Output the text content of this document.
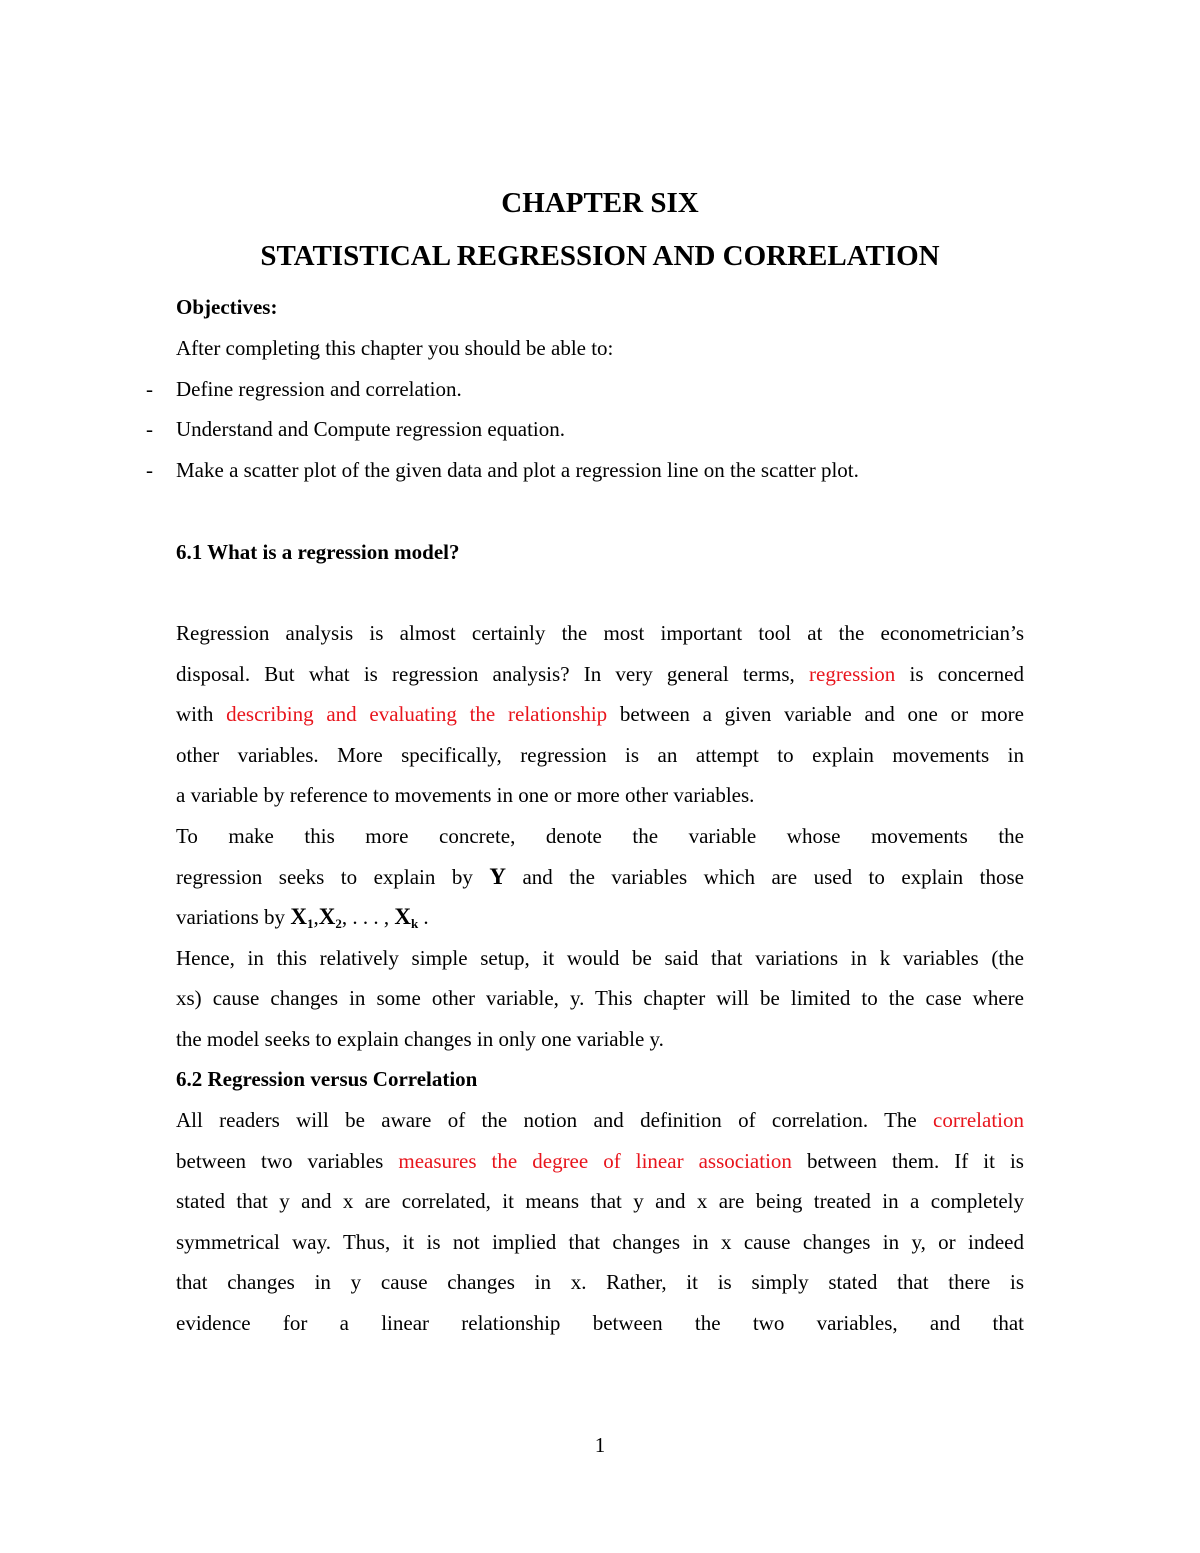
CHAPTER SIX
STATISTICAL REGRESSION AND CORRELATION
Objectives:
After completing this chapter you should be able to:
- Define regression and correlation.
- Understand and Compute regression equation.
- Make a scatter plot of the given data and plot a regression line on the scatter plot.
6.1 What is a regression model?
Regression analysis is almost certainly the most important tool at the econometrician’s
disposal. But what is regression analysis? In very general terms, regression is concerned
with describing and evaluating the relationship between a given variable and one or more
other variables. More specifically, regression is an attempt to explain movements in
a variable by reference to movements in one or more other variables.
To make this more concrete, denote the variable whose movements the
regression seeks to explain by Y and the variables which are used to explain those
variations by $X_1,X_2$, . . . , $X_k$ .
Hence, in this relatively simple setup, it would be said that variations in k variables (the
xs) cause changes in some other variable, y. This chapter will be limited to the case where
the model seeks to explain changes in only one variable y.
6.2 Regression versus Correlation
All readers will be aware of the notion and definition of correlation. The correlation
between two variables measures the degree of linear association between them. If it is
stated that y and x are correlated, it means that y and x are being treated in a completely
symmetrical way. Thus, it is not implied that changes in x cause changes in y, or indeed
that changes in y cause changes in x. Rather, it is simply stated that there is
evidence for a linear relationship between the two variables, and that
1
